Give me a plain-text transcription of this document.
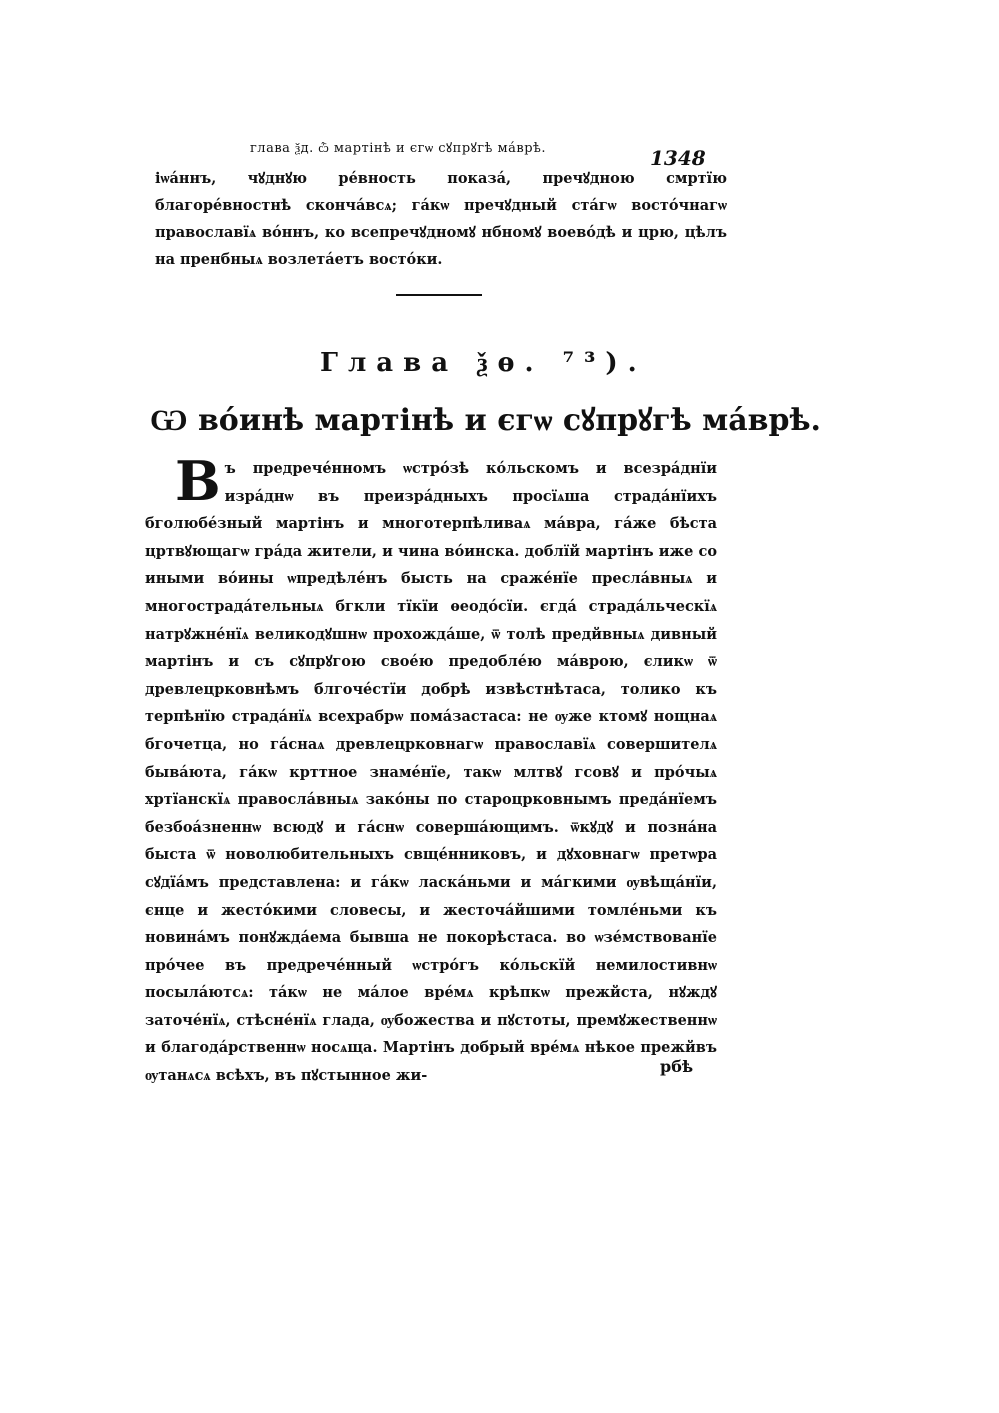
глава ѯд. ѽ мартінѣ и єгѡ сꙋпрꙋгѣ мáврѣ.	1348
іѡáннъ, чꙋднꙋю рéвность показá, пречꙋдною смртїю благорéвностнѣ скончáвсѧ; гáкѡ пречꙋдный стáгѡ востóчнагѡ православїѧ вóннъ, ко всепречꙋдномꙋ нбномꙋ воевóдѣ и црю, цѣлъ на пренбныѧ возлетáетъ востóки.
Глава ѯѳ. ⁷³).
Ѡ вóинѣ мартінѣ и єгѡ сꙋпрꙋгѣ мáврѣ.
Въ предречéнномъ ѡстрóзѣ кóльскомъ и всезрáднїи изрáднѡ въ преизрáдныхъ просїѧша страдáнїихъ бголюбéзный мартінъ и многотерпѣливаѧ мáвра, гáже бѣста цртвꙋющагѡ грáда жители, и чина вóинска. доблїй мартінъ иже со иными вóины ѡпредѣлéнъ бысть на сражéнїе преслáвныѧ и многострадáтельныѧ бгкли тїкїи ѳеодóсїи. єгдá страдáльческїѧ натрꙋжнéнїѧ великодꙋшнѡ прохождáше, ѿ толѣ предйвныѧ дивный мартінъ и съ сꙋпрꙋгою своéю предоблéю мáврою, єликѡ ѿ древлецрковнѣмъ блгочéстїи добрѣ извѣстнѣтаса, толико къ терпѣнїю страдáнїѧ всехрабрѡ помáзастаса: не ѹже ктомꙋ нощнаѧ бгочетца, но гáснаѧ древлецрковнагѡ православїѧ совершителѧ бывáюта, гáкѡ крттное знамéнїе, такѡ млтвꙋ гсовꙋ и прóчыѧ хртїанскїѧ правослáвныѧ закóны по староцрковнымъ предáнїемъ безбоáзненнѡ всюдꙋ и гáснѡ совершáющимъ. ѿкꙋдꙋ и познáна быста ѿ новолюбительныхъ свщéнниковъ, и дꙋховнагѡ претѡра сꙋдїáмъ представлена: и гáкѡ ласкáньми и мáгкими ѹвѣщáнїи, єнце и жестóкими словесы, и жесточáйшими томлéньми къ новинáмъ понꙋждáема бывша не покорѣстаса. во ѡзéмствованїе прóчее въ предречéнный ѡстрóгъ кóльскїй немилостивнѡ посылáютсѧ: тáкѡ не мáлое врéмѧ крѣпкѡ прежйста, нꙋждꙋ заточéнїѧ, стѣснéнїѧ глада, ѹбожества и пꙋстоты, премꙋжественнѡ и благодáрственнѡ носѧща. Мартінъ добрый врéмѧ нѣкое прежйвъ ѹтанѧсѧ всѣхъ, въ пꙋстынное жи-	рбѣ
